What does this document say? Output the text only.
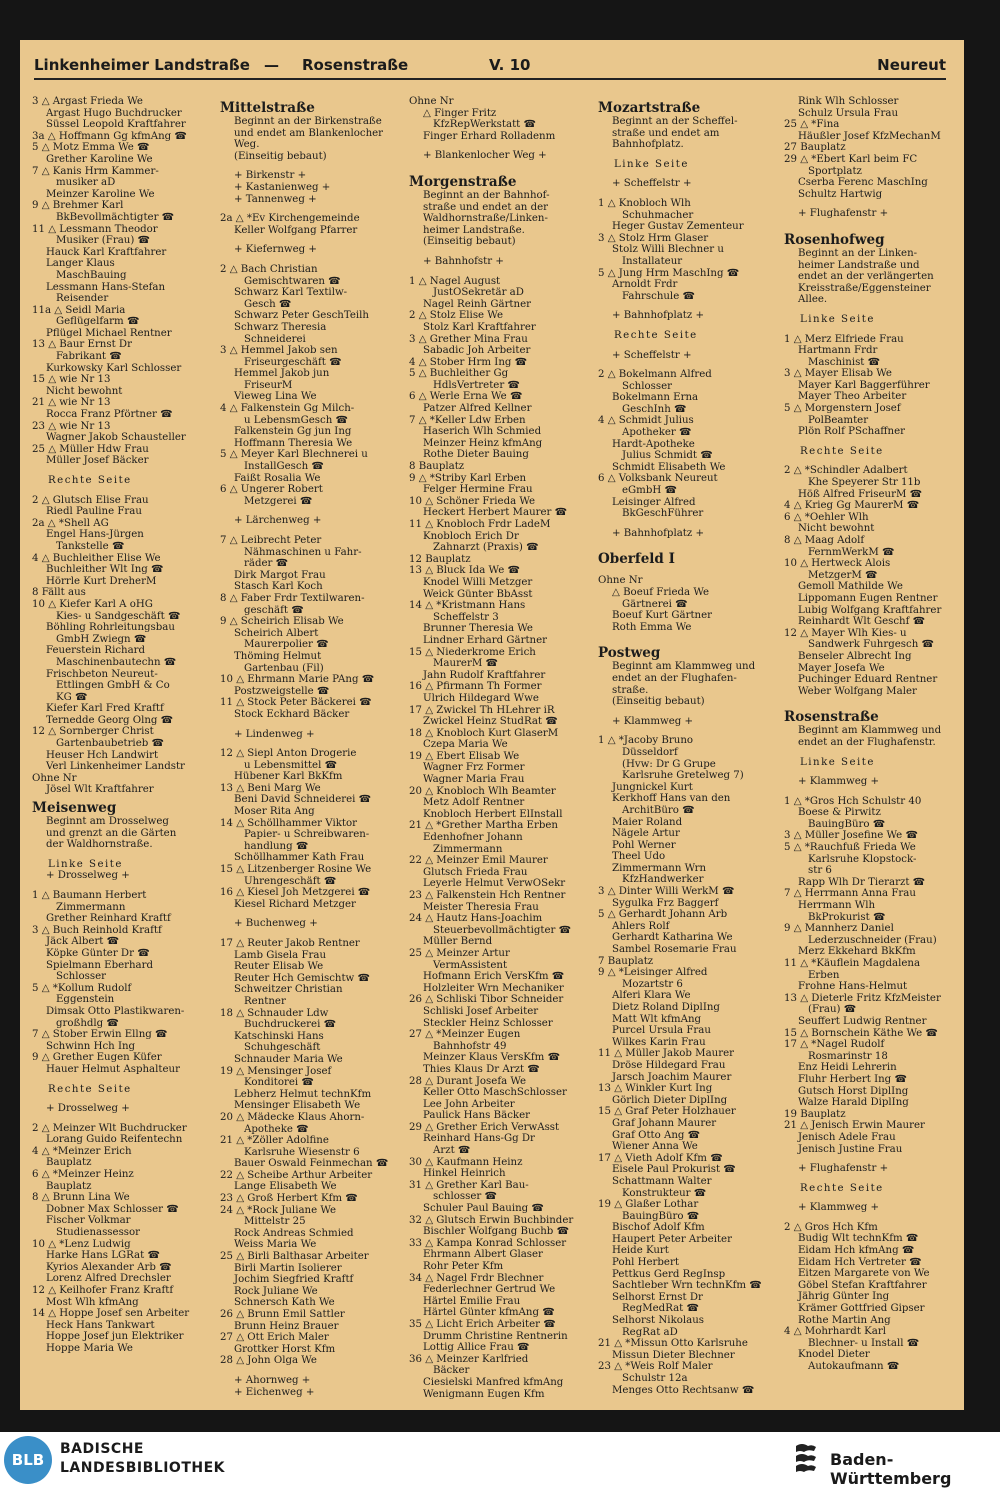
Linkenheimer Landstraße — Rosenstraße	V. 10	Neureut
3 △ Argast Frieda We
Argast Hugo Buchdrucker
Süssel Leopold Kraftfahrer
3a △ Hoffmann Gg kfmAng ☎
5 △ Motz Emma We ☎
Grether Karoline We
7 △ Kanis Hrm Kammer-
musiker aD
Meinzer Karoline We
9 △ Brehmer Karl
BkBevollmächtigter ☎
11 △ Lessmann Theodor
Musiker (Frau) ☎
Hauck Karl Kraftfahrer
Langer Klaus
MaschBauing
Lessmann Hans-Stefan
Reisender
11a △ Seidl Maria
Geflügelfarm ☎
Pflügel Michael Rentner
13 △ Baur Ernst Dr
Fabrikant ☎
Kurkowsky Karl Schlosser
15 △ wie Nr 13
Nicht bewohnt
21 △ wie Nr 13
Rocca Franz Pförtner ☎
23 △ wie Nr 13
Wagner Jakob Schausteller
25 △ Müller Hdw Frau
Müller Josef Bäcker
Rechte Seite
2 △ Glutsch Elise Frau
Riedl Pauline Frau
2a △ *Shell AG
Engel Hans-Jürgen
Tankstelle ☎
4 △ Buchleither Elise We
Buchleither Wlt Ing ☎
Hörrle Kurt DreherM
8 Fällt aus
10 △ Kiefer Karl A oHG
Kies- u Sandgeschäft ☎
Böhling Rohrleitungsbau
GmbH Zwiegn ☎
Feuerstein Richard
Maschinenbautechn ☎
Frischbeton Neureut-
Ettlingen GmbH & Co
KG ☎
Kiefer Karl Fred Kraftf
Ternedde Georg Olng ☎
12 △ Sornberger Christ
Gartenbaubetrieb ☎
Heuser Hch Landwirt
Verl Linkenheimer Landstr
Ohne Nr
Jösel Wlt Kraftfahrer
Meisenweg
Beginnt am Drosselweg
und grenzt an die Gärten
der Waldhornstraße.
Linke Seite
+ Drosselweg +
1 △ Baumann Herbert
Zimmermann
Grether Reinhard Kraftf
3 △ Buch Reinhold Kraftf
Jäck Albert ☎
Köpke Günter Dr ☎
Spielmann Eberhard
Schlosser
5 △ *Kollum Rudolf
Eggenstein
Dimsak Otto Plastikwaren-
großhdlg ☎
7 △ Stober Erwin Ellng ☎
Schwinn Hch Ing
9 △ Grether Eugen Küfer
Hauer Helmut Asphalteur
Rechte Seite
+ Drosselweg +
2 △ Meinzer Wlt Buchdrucker
Lorang Guido Reifentechn
4 △ *Meinzer Erich
Bauplatz
6 △ *Meinzer Heinz
Bauplatz
8 △ Brunn Lina We
Dobner Max Schlosser ☎
Fischer Volkmar
Studienassessor
10 △ *Lenz Ludwig
Harke Hans LGRat ☎
Kyrios Alexander Arb ☎
Lorenz Alfred Drechsler
12 △ Keilhofer Franz Kraftf
Most Wlh kfmAng
14 △ Hoppe Josef sen Arbeiter
Heck Hans Tankwart
Hoppe Josef jun Elektriker
Hoppe Maria We
Mittelstraße
Beginnt an der Birkenstraße
und endet am Blankenlocher
Weg.
(Einseitig bebaut)
+ Birkenstr +
+ Kastanienweg +
+ Tannenweg +
2a △ *Ev Kirchengemeinde
Keller Wolfgang Pfarrer
+ Kiefernweg +
2 △ Bach Christian
Gemischtwaren ☎
Schwarz Karl Textilw-
Gesch ☎
Schwarz Peter GeschTeilh
Schwarz Theresia
Schneiderei
3 △ Hemmel Jakob sen
Friseurgeschäft ☎
Hemmel Jakob jun
FriseurM
Vieweg Lina We
4 △ Falkenstein Gg Milch-
u LebensmGesch ☎
Falkenstein Gg jun Ing
Hoffmann Theresia We
5 △ Meyer Karl Blechnerei u
InstallGesch ☎
Faißt Rosalia We
6 △ Ungerer Robert
Metzgerei ☎
+ Lärchenweg +
7 △ Leibrecht Peter
Nähmaschinen u Fahr-
räder ☎
Dirk Margot Frau
Stasch Karl Koch
8 △ Faber Frdr Textilwaren-
geschäft ☎
9 △ Scheirich Elisab We
Scheirich Albert
Maurerpolier ☎
Thöming Helmut
Gartenbau (Fil)
10 △ Ehrmann Marie PAng ☎
Postzweigstelle ☎
11 △ Stock Peter Bäckerei ☎
Stock Eckhard Bäcker
+ Lindenweg +
12 △ Siepl Anton Drogerie
u Lebensmittel ☎
Hübener Karl BkKfm
13 △ Beni Marg We
Beni David Schneiderei ☎
Moser Rita Ang
14 △ Schöllhammer Viktor
Papier- u Schreibwaren-
handlung ☎
Schöllhammer Kath Frau
15 △ Litzenberger Rosine We
Uhrengeschäft ☎
16 △ Kiesel Joh Metzgerei ☎
Kiesel Richard Metzger
+ Buchenweg +
17 △ Reuter Jakob Rentner
Lamb Gisela Frau
Reuter Elisab We
Reuter Hch Gemischtw ☎
Schweitzer Christian
Rentner
18 △ Schnauder Ldw
Buchdruckerei ☎
Katschinski Hans
Schuhgeschäft
Schnauder Maria We
19 △ Mensinger Josef
Konditorei ☎
Lebherz Helmut technKfm
Mensinger Elisabeth We
20 △ Mädecke Klaus Ahorn-
Apotheke ☎
21 △ *Zöller Adolfine
Karlsruhe Wiesenstr 6
Bauer Oswald Feinmechan ☎
22 △ Scheibe Arthur Arbeiter
Lange Elisabeth We
23 △ Groß Herbert Kfm ☎
24 △ *Rock Juliane We
Mittelstr 25
Rock Andreas Schmied
Weiss Maria We
25 △ Birli Balthasar Arbeiter
Birli Martin Isolierer
Jochim Siegfried Kraftf
Rock Juliane We
Schnersch Kath We
26 △ Brunn Emil Sattler
Brunn Heinz Brauer
27 △ Ott Erich Maler
Grottker Horst Kfm
28 △ John Olga We
+ Ahornweg +
+ Eichenweg +
Ohne Nr
△ Finger Fritz
KfzRepWerkstatt ☎
Finger Erhard Rolladenm
+ Blankenlocher Weg +
Morgenstraße
Beginnt an der Bahnhof-
straße und endet an der
Waldhornstraße/Linken-
heimer Landstraße.
(Einseitig bebaut)
+ Bahnhofstr +
1 △ Nagel August
JustOSekretär aD
Nagel Reinh Gärtner
2 △ Stolz Elise We
Stolz Karl Kraftfahrer
3 △ Grether Mina Frau
Sabadic Joh Arbeiter
4 △ Stober Hrm Ing ☎
5 △ Buchleither Gg
HdlsVertreter ☎
6 △ Werle Erna We ☎
Patzer Alfred Kellner
7 △ *Keller Ldw Erben
Haserich Wlh Schmied
Meinzer Heinz kfmAng
Rothe Dieter Bauing
8 Bauplatz
9 △ *Striby Karl Erben
Felger Hermine Frau
10 △ Schöner Frieda We
Heckert Herbert Maurer ☎
11 △ Knobloch Frdr LadeM
Knobloch Erich Dr
Zahnarzt (Praxis) ☎
12 Bauplatz
13 △ Bluck Ida We ☎
Knodel Willi Metzger
Weick Günter BbAsst
14 △ *Kristmann Hans
Scheffelstr 3
Brunner Theresia We
Lindner Erhard Gärtner
15 △ Niederkrome Erich
MaurerM ☎
Jahn Rudolf Kraftfahrer
16 △ Pfirmann Th Former
Ulrich Hildegard Wwe
17 △ Zwickel Th HLehrer iR
Zwickel Heinz StudRat ☎
18 △ Knobloch Kurt GlaserM
Czepa Maria We
19 △ Ebert Elisab We
Wagner Frz Former
Wagner Maria Frau
20 △ Knobloch Wlh Beamter
Metz Adolf Rentner
Knobloch Herbert ElInstall
21 △ *Grether Martha Erben
Edenhofner Johann
Zimmermann
22 △ Meinzer Emil Maurer
Glutsch Frieda Frau
Leyerle Helmut VerwOSekr
23 △ Falkenstein Hch Rentner
Meister Theresia Frau
24 △ Hautz Hans-Joachim
Steuerbevollmächtigter ☎
Müller Bernd
25 △ Meinzer Artur
VermAssistent
Hofmann Erich VersKfm ☎
Holzleiter Wrn Mechaniker
26 △ Schliski Tibor Schneider
Schliski Josef Arbeiter
Steckler Heinz Schlosser
27 △ *Meinzer Eugen
Bahnhofstr 49
Meinzer Klaus VersKfm ☎
Thies Klaus Dr Arzt ☎
28 △ Durant Josefa We
Keller Otto MaschSchlosser
Lee John Arbeiter
Paulick Hans Bäcker
29 △ Grether Erich VerwAsst
Reinhard Hans-Gg Dr
Arzt ☎
30 △ Kaufmann Heinz
Hinkel Heinrich
31 △ Grether Karl Bau-
schlosser ☎
Schuler Paul Bauing ☎
32 △ Glutsch Erwin Buchbinder
Bischler Wolfgang Buchb ☎
33 △ Kampa Konrad Schlosser
Ehrmann Albert Glaser
Rohr Peter Kfm
34 △ Nagel Frdr Blechner
Federlechner Gertrud We
Härtel Emilie Frau
Härtel Günter kfmAng ☎
35 △ Licht Erich Arbeiter ☎
Drumm Christine Rentnerin
Lottig Allice Frau ☎
36 △ Meinzer Karlfried
Bäcker
Ciesielski Manfred kfmAng
Wenigmann Eugen Kfm
Mozartstraße
Beginnt an der Scheffel-
straße und endet am
Bahnhofplatz.
Linke Seite
+ Scheffelstr +
1 △ Knobloch Wlh
Schuhmacher
Heger Gustav Zementeur
3 △ Stolz Hrm Glaser
Stolz Willi Blechner u
Installateur
5 △ Jung Hrm MaschIng ☎
Arnoldt Frdr
Fahrschule ☎
+ Bahnhofplatz +
Rechte Seite
+ Scheffelstr +
2 △ Bokelmann Alfred
Schlosser
Bokelmann Erna
GeschInh ☎
4 △ Schmidt Julius
Apotheker ☎
Hardt-Apotheke
Julius Schmidt ☎
Schmidt Elisabeth We
6 △ Volksbank Neureut
eGmbH ☎
Leisinger Alfred
BkGeschFührer
+ Bahnhofplatz +
Oberfeld I
Ohne Nr
△ Boeuf Frieda We
Gärtnerei ☎
Boeuf Kurt Gärtner
Roth Emma We
Postweg
Beginnt am Klammweg und
endet an der Flughafen-
straße.
(Einseitig bebaut)
+ Klammweg +
1 △ *Jacoby Bruno
Düsseldorf
(Hvw: Dr G Grupe
Karlsruhe Gretelweg 7)
Jungnickel Kurt
Kerkhoff Hans van den
ArchitBüro ☎
Maier Roland
Nägele Artur
Pohl Werner
Theel Udo
Zimmermann Wrn
KfzHandwerker
3 △ Dinter Willi WerkM ☎
Sygulka Frz Baggerf
5 △ Gerhardt Johann Arb
Ahlers Rolf
Gerhardt Katharina We
Sambel Rosemarie Frau
7 Bauplatz
9 △ *Leisinger Alfred
Mozartstr 6
Alferi Klara We
Dietz Roland DiplIng
Matt Wlt kfmAng
Purcel Ursula Frau
Wilkes Karin Frau
11 △ Müller Jakob Maurer
Dröse Hildegard Frau
Jarsch Joachim Maurer
13 △ Winkler Kurt Ing
Görlich Dieter DiplIng
15 △ Graf Peter Holzhauer
Graf Johann Maurer
Graf Otto Ang ☎
Wiener Anna We
17 △ Vieth Adolf Kfm ☎
Eisele Paul Prokurist ☎
Schattmann Walter
Konstrukteur ☎
19 △ Glaßer Lothar
BauingBüro ☎
Bischof Adolf Kfm
Haupert Peter Arbeiter
Heide Kurt
Pohl Herbert
Pettkus Gerd RegInsp
Sachtleber Wrn technKfm ☎
Selhorst Ernst Dr
RegMedRat ☎
Selhorst Nikolaus
RegRat aD
21 △ *Missun Otto Karlsruhe
Missun Dieter Blechner
23 △ *Weis Rolf Maler
Schulstr 12a
Menges Otto Rechtsanw ☎
Rink Wlh Schlosser
Schulz Ursula Frau
25 △ *Fina
Häußler Josef KfzMechanM
27 Bauplatz
29 △ *Ebert Karl beim FC
Sportplatz
Cserba Ferenc MaschIng
Schultz Hartwig
+ Flughafenstr +
Rosenhofweg
Beginnt an der Linken-
heimer Landstraße und
endet an der verlängerten
Kreisstraße/Eggensteiner
Allee.
Linke Seite
1 △ Merz Elfriede Frau
Hartmann Frdr
Maschinist ☎
3 △ Mayer Elisab We
Mayer Karl Baggerführer
Mayer Theo Arbeiter
5 △ Morgenstern Josef
PolBeamter
Plön Rolf PSchaffner
Rechte Seite
2 △ *Schindler Adalbert
Khe Speyerer Str 11b
Höß Alfred FriseurM ☎
4 △ Krieg Gg MaurerM ☎
6 △ *Oehler Wlh
Nicht bewohnt
8 △ Maag Adolf
FernmWerkM ☎
10 △ Hertweck Alois
MetzgerM ☎
Gemoll Mathilde We
Lippomann Eugen Rentner
Lubig Wolfgang Kraftfahrer
Reinhardt Wlt Geschf ☎
12 △ Mayer Wlh Kies- u
Sandwerk Fuhrgesch ☎
Benseler Albrecht Ing
Mayer Josefa We
Puchinger Eduard Rentner
Weber Wolfgang Maler
Rosenstraße
Beginnt am Klammweg und
endet an der Flughafenstr.
Linke Seite
+ Klammweg +
1 △ *Gros Hch Schulstr 40
Boese & Pirwitz
BauingBüro ☎
3 △ Müller Josefine We ☎
5 △ *Rauchfuß Frieda We
Karlsruhe Klopstock-
str 6
Rapp Wlh Dr Tierarzt ☎
7 △ Herrmann Anna Frau
Herrmann Wlh
BkProkurist ☎
9 △ Mannherz Daniel
Lederzuschneider (Frau)
Merz Ekkehard BkKfm
11 △ *Käuflein Magdalena
Erben
Frohne Hans-Helmut
13 △ Dieterle Fritz KfzMeister
(Frau) ☎
Seuffert Ludwig Rentner
15 △ Bornschein Käthe We ☎
17 △ *Nagel Rudolf
Rosmarinstr 18
Enz Heidi Lehrerin
Fluhr Herbert Ing ☎
Gutsch Horst DiplIng
Walze Harald DiplIng
19 Bauplatz
21 △ Jenisch Erwin Maurer
Jenisch Adele Frau
Jenisch Justine Frau
+ Flughafenstr +
Rechte Seite
+ Klammweg +
2 △ Gros Hch Kfm
Budig Wlt technKfm ☎
Eidam Hch kfmAng ☎
Eidam Hch Vertreter ☎
Eitzen Margarete von We
Göbel Stefan Kraftfahrer
Jährig Günter Ing
Krämer Gottfried Gipser
Rothe Martin Ang
4 △ Mohrhardt Karl
Blechner- u Install ☎
Knodel Dieter
Autokaufmann ☎
BLB
BADISCHE
LANDESBIBLIOTHEK	Baden-Württemberg
